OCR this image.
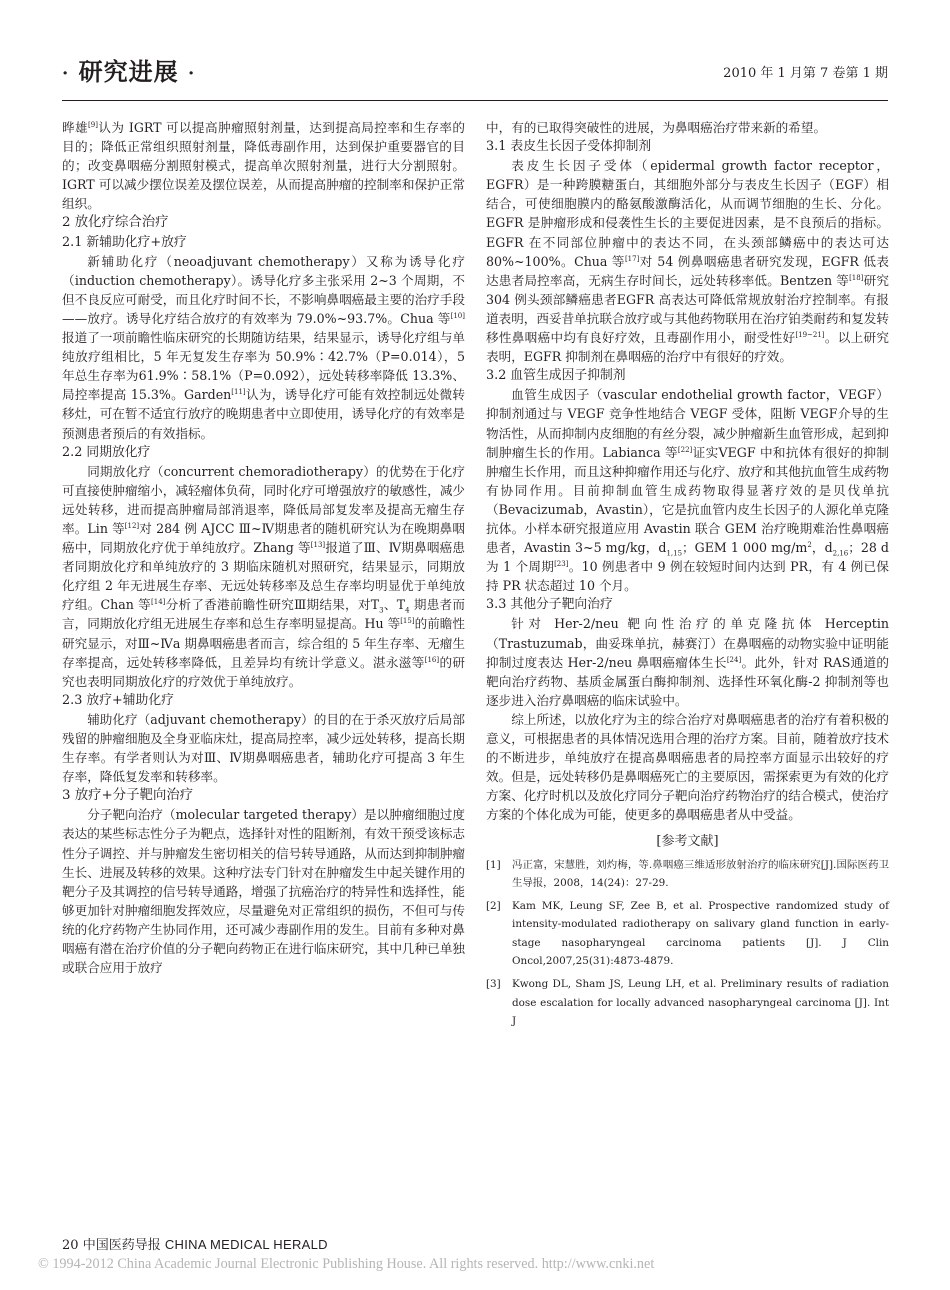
· 研究进展 ·	2010 年 1 月第 7 卷第 1 期

晔雄[9]认为 IGRT 可以提高肿瘤照射剂量，达到提高局控率和生存率的目的；降低正常组织照射剂量，降低毒副作用，达到保护重要器官的目的；改变鼻咽癌分割照射模式，提高单次照射剂量，进行大分割照射。IGRT 可以减少摆位误差及摆位误差，从而提高肿瘤的控制率和保护正常组织。

2 放化疗综合治疗

2.1 新辅助化疗+放疗

新辅助化疗（neoadjuvant chemotherapy）又称为诱导化疗（induction chemotherapy）。诱导化疗多主张采用 2~3 个周期，不但不良反应可耐受，而且化疗时间不长，不影响鼻咽癌最主要的治疗手段——放疗。诱导化疗结合放疗的有效率为 79.0%~93.7%。Chua 等[10]报道了一项前瞻性临床研究的长期随访结果，结果显示，诱导化疗组与单纯放疗组相比，5 年无复发生存率为 50.9%∶42.7%（P=0.014），5 年总生存率为61.9%∶58.1%（P=0.092），远处转移率降低 13.3%、局控率提高 15.3%。Garden[11]认为，诱导化疗可能有效控制远处微转移灶，可在暂不适宜行放疗的晚期患者中立即使用，诱导化疗的有效率是预测患者预后的有效指标。

2.2 同期放化疗

同期放化疗（concurrent chemoradiotherapy）的优势在于化疗可直接使肿瘤缩小，减轻瘤体负荷，同时化疗可增强放疗的敏感性，减少远处转移，进而提高肿瘤局部消退率，降低局部复发率及提高无瘤生存率。Lin 等[12]对 284 例 AJCC Ⅲ~Ⅳ期患者的随机研究认为在晚期鼻咽癌中，同期放化疗优于单纯放疗。Zhang 等[13]报道了Ⅲ、Ⅳ期鼻咽癌患者同期放化疗和单纯放疗的 3 期临床随机对照研究，结果显示，同期放化疗组 2 年无进展生存率、无远处转移率及总生存率均明显优于单纯放疗组。Chan 等[14]分析了香港前瞻性研究Ⅲ期结果，对$T_3$、$T_4$ 期患者而言，同期放化疗组无进展生存率和总生存率明显提高。Hu 等[15]的前瞻性研究显示，对Ⅲ~Ⅳa 期鼻咽癌患者而言，综合组的 5 年生存率、无瘤生存率提高，远处转移率降低，且差异均有统计学意义。湛永滋等[16]的研究也表明同期放化疗的疗效优于单纯放疗。

2.3 放疗+辅助化疗

辅助化疗（adjuvant chemotherapy）的目的在于杀灭放疗后局部残留的肿瘤细胞及全身亚临床灶，提高局控率，减少远处转移，提高长期生存率。有学者则认为对Ⅲ、Ⅳ期鼻咽癌患者，辅助化疗可提高 3 年生存率，降低复发率和转移率。

3 放疗+分子靶向治疗

分子靶向治疗（molecular targeted therapy）是以肿瘤细胞过度表达的某些标志性分子为靶点，选择针对性的阻断剂，有效干预受该标志性分子调控、并与肿瘤发生密切相关的信号转导通路，从而达到抑制肿瘤生长、进展及转移的效果。这种疗法专门针对在肿瘤发生中起关键作用的靶分子及其调控的信号转导通路，增强了抗癌治疗的特异性和选择性，能够更加针对肿瘤细胞发挥效应，尽量避免对正常组织的损伤，不但可与传统的化疗药物产生协同作用，还可减少毒副作用的发生。目前有多种对鼻咽癌有潜在治疗价值的分子靶向药物正在进行临床研究，其中几种已单独或联合应用于放疗

中，有的已取得突破性的进展，为鼻咽癌治疗带来新的希望。

3.1 表皮生长因子受体抑制剂

表皮生长因子受体（epidermal growth factor receptor，EGFR）是一种跨膜糖蛋白，其细胞外部分与表皮生长因子（EGF）相结合，可使细胞膜内的酪氨酸激酶活化，从而调节细胞的生长、分化。EGFR 是肿瘤形成和侵袭性生长的主要促进因素，是不良预后的指标。EGFR 在不同部位肿瘤中的表达不同，在头颈部鳞癌中的表达可达 80%~100%。Chua 等[17]对 54 例鼻咽癌患者研究发现，EGFR 低表达患者局控率高，无病生存时间长，远处转移率低。Bentzen 等[18]研究 304 例头颈部鳞癌患者EGFR 高表达可降低常规放射治疗控制率。有报道表明，西妥昔单抗联合放疗或与其他药物联用在治疗铂类耐药和复发转移性鼻咽癌中均有良好疗效，且毒副作用小，耐受性好[19~21]。以上研究表明，EGFR 抑制剂在鼻咽癌的治疗中有很好的疗效。

3.2 血管生成因子抑制剂

血管生成因子（vascular endothelial growth factor，VEGF）抑制剂通过与 VEGF 竞争性地结合 VEGF 受体，阻断 VEGF介导的生物活性，从而抑制内皮细胞的有丝分裂，减少肿瘤新生血管形成，起到抑制肿瘤生长的作用。Labianca 等[22]证实VEGF 中和抗体有很好的抑制肿瘤生长作用，而且这种抑瘤作用还与化疗、放疗和其他抗血管生成药物有协同作用。目前抑制血管生成药物取得显著疗效的是贝伐单抗（Bevacizumab，Avastin），它是抗血管内皮生长因子的人源化单克隆抗体。小样本研究报道应用 Avastin 联合 GEM 治疗晚期难治性鼻咽癌患者，Avastin 3~5 mg/kg，$d_{1,15}$；GEM 1 000 $mg/m^2$，$d_{2,16}$；28 d 为 1 个周期[23]。10 例患者中 9 例在较短时间内达到 PR，有 4 例已保持 PR 状态超过 10 个月。

3.3 其他分子靶向治疗

针对 Her-2/neu 靶向性治疗的单克隆抗体 Herceptin（Trastuzumab，曲妥珠单抗，赫赛汀）在鼻咽癌的动物实验中证明能抑制过度表达 Her-2/neu 鼻咽癌瘤体生长[24]。此外，针对 RAS通道的靶向治疗药物、基质金属蛋白酶抑制剂、选择性环氧化酶-2 抑制剂等也逐步进入治疗鼻咽癌的临床试验中。

综上所述，以放化疗为主的综合治疗对鼻咽癌患者的治疗有着积极的意义，可根据患者的具体情况选用合理的治疗方案。目前，随着放疗技术的不断进步，单纯放疗在提高鼻咽癌患者的局控率方面显示出较好的疗效。但是，远处转移仍是鼻咽癌死亡的主要原因，需探索更为有效的化疗方案、化疗时机以及放化疗同分子靶向治疗药物治疗的结合模式，使治疗方案的个体化成为可能，使更多的鼻咽癌患者从中受益。

[参考文献]
[1]	冯正富，宋慧胜，刘灼梅，等.鼻咽癌三维适形放射治疗的临床研究[J].国际医药卫生导报，2008，14(24)：27-29.
[2]	Kam MK, Leung SF, Zee B, et al. Prospective randomized study of intensity-modulated radiotherapy on salivary gland function in early-stage nasopharyngeal carcinoma patients [J]. J Clin Oncol,2007,25(31):4873-4879.
[3]	Kwong DL, Sham JS, Leung LH, et al. Preliminary results of radiation dose escalation for locally advanced nasopharyngeal carcinoma [J]. Int J
20 中国医药导报 CHINA MEDICAL HERALD
© 1994-2012 China Academic Journal Electronic Publishing House. All rights reserved. http://www.cnki.net
